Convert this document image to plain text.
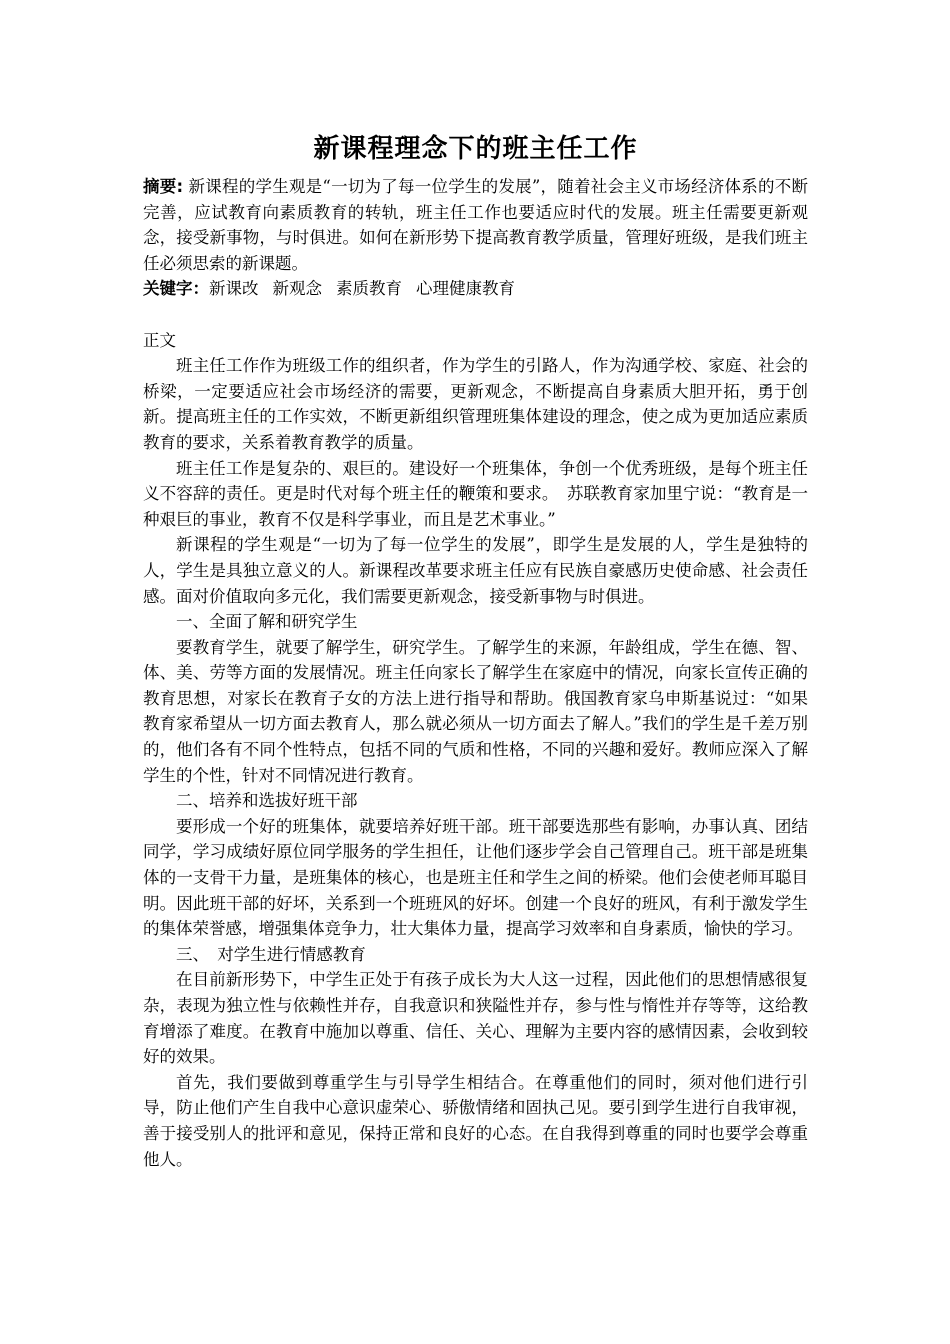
新课程理念下的班主任工作

摘要: 新课程的学生观是“一切为了每一位学生的发展”，随着社会主义市场经济体系的不断完善，应试教育向素质教育的转轨，班主任工作也要适应时代的发展。班主任需要更新观念，接受新事物，与时俱进。如何在新形势下提高教育教学质量，管理好班级，是我们班主任必须思索的新课题。

关键字：新课改 新观念 素质教育 心理健康教育

正文

班主任工作作为班级工作的组织者，作为学生的引路人，作为沟通学校、家庭、社会的桥梁，一定要适应社会市场经济的需要，更新观念，不断提高自身素质大胆开拓，勇于创新。提高班主任的工作实效，不断更新组织管理班集体建设的理念，使之成为更加适应素质教育的要求，关系着教育教学的质量。

班主任工作是复杂的、艰巨的。建设好一个班集体，争创一个优秀班级，是每个班主任义不容辞的责任。更是时代对每个班主任的鞭策和要求。　苏联教育家加里宁说：“教育是一种艰巨的事业，教育不仅是科学事业，而且是艺术事业。”

新课程的学生观是“一切为了每一位学生的发展”，即学生是发展的人，学生是独特的人，学生是具独立意义的人。新课程改革要求班主任应有民族自豪感历史使命感、社会责任感。面对价值取向多元化，我们需要更新观念，接受新事物与时俱进。

一、全面了解和研究学生

要教育学生，就要了解学生，研究学生。了解学生的来源，年龄组成，学生在德、智、体、美、劳等方面的发展情况。班主任向家长了解学生在家庭中的情况，向家长宣传正确的教育思想，对家长在教育子女的方法上进行指导和帮助。俄国教育家乌申斯基说过：“如果教育家希望从一切方面去教育人，那么就必须从一切方面去了解人。”我们的学生是千差万别的，他们各有不同个性特点，包括不同的气质和性格，不同的兴趣和爱好。教师应深入了解学生的个性，针对不同情况进行教育。

二、培养和选拔好班干部

要形成一个好的班集体，就要培养好班干部。班干部要选那些有影响，办事认真、团结同学，学习成绩好原位同学服务的学生担任，让他们逐步学会自己管理自己。班干部是班集体的一支骨干力量，是班集体的核心，也是班主任和学生之间的桥梁。他们会使老师耳聪目明。因此班干部的好坏，关系到一个班班风的好坏。创建一个良好的班风，有利于激发学生的集体荣誉感，增强集体竞争力，壮大集体力量，提高学习效率和自身素质，愉快的学习。

三、　对学生进行情感教育

在目前新形势下，中学生正处于有孩子成长为大人这一过程，因此他们的思想情感很复杂，表现为独立性与依赖性并存，自我意识和狭隘性并存，参与性与惰性并存等等，这给教育增添了难度。在教育中施加以尊重、信任、关心、理解为主要内容的感情因素，会收到较好的效果。

首先，我们要做到尊重学生与引导学生相结合。在尊重他们的同时，须对他们进行引导，防止他们产生自我中心意识虚荣心、骄傲情绪和固执己见。要引到学生进行自我审视，善于接受别人的批评和意见，保持正常和良好的心态。在自我得到尊重的同时也要学会尊重他人。
